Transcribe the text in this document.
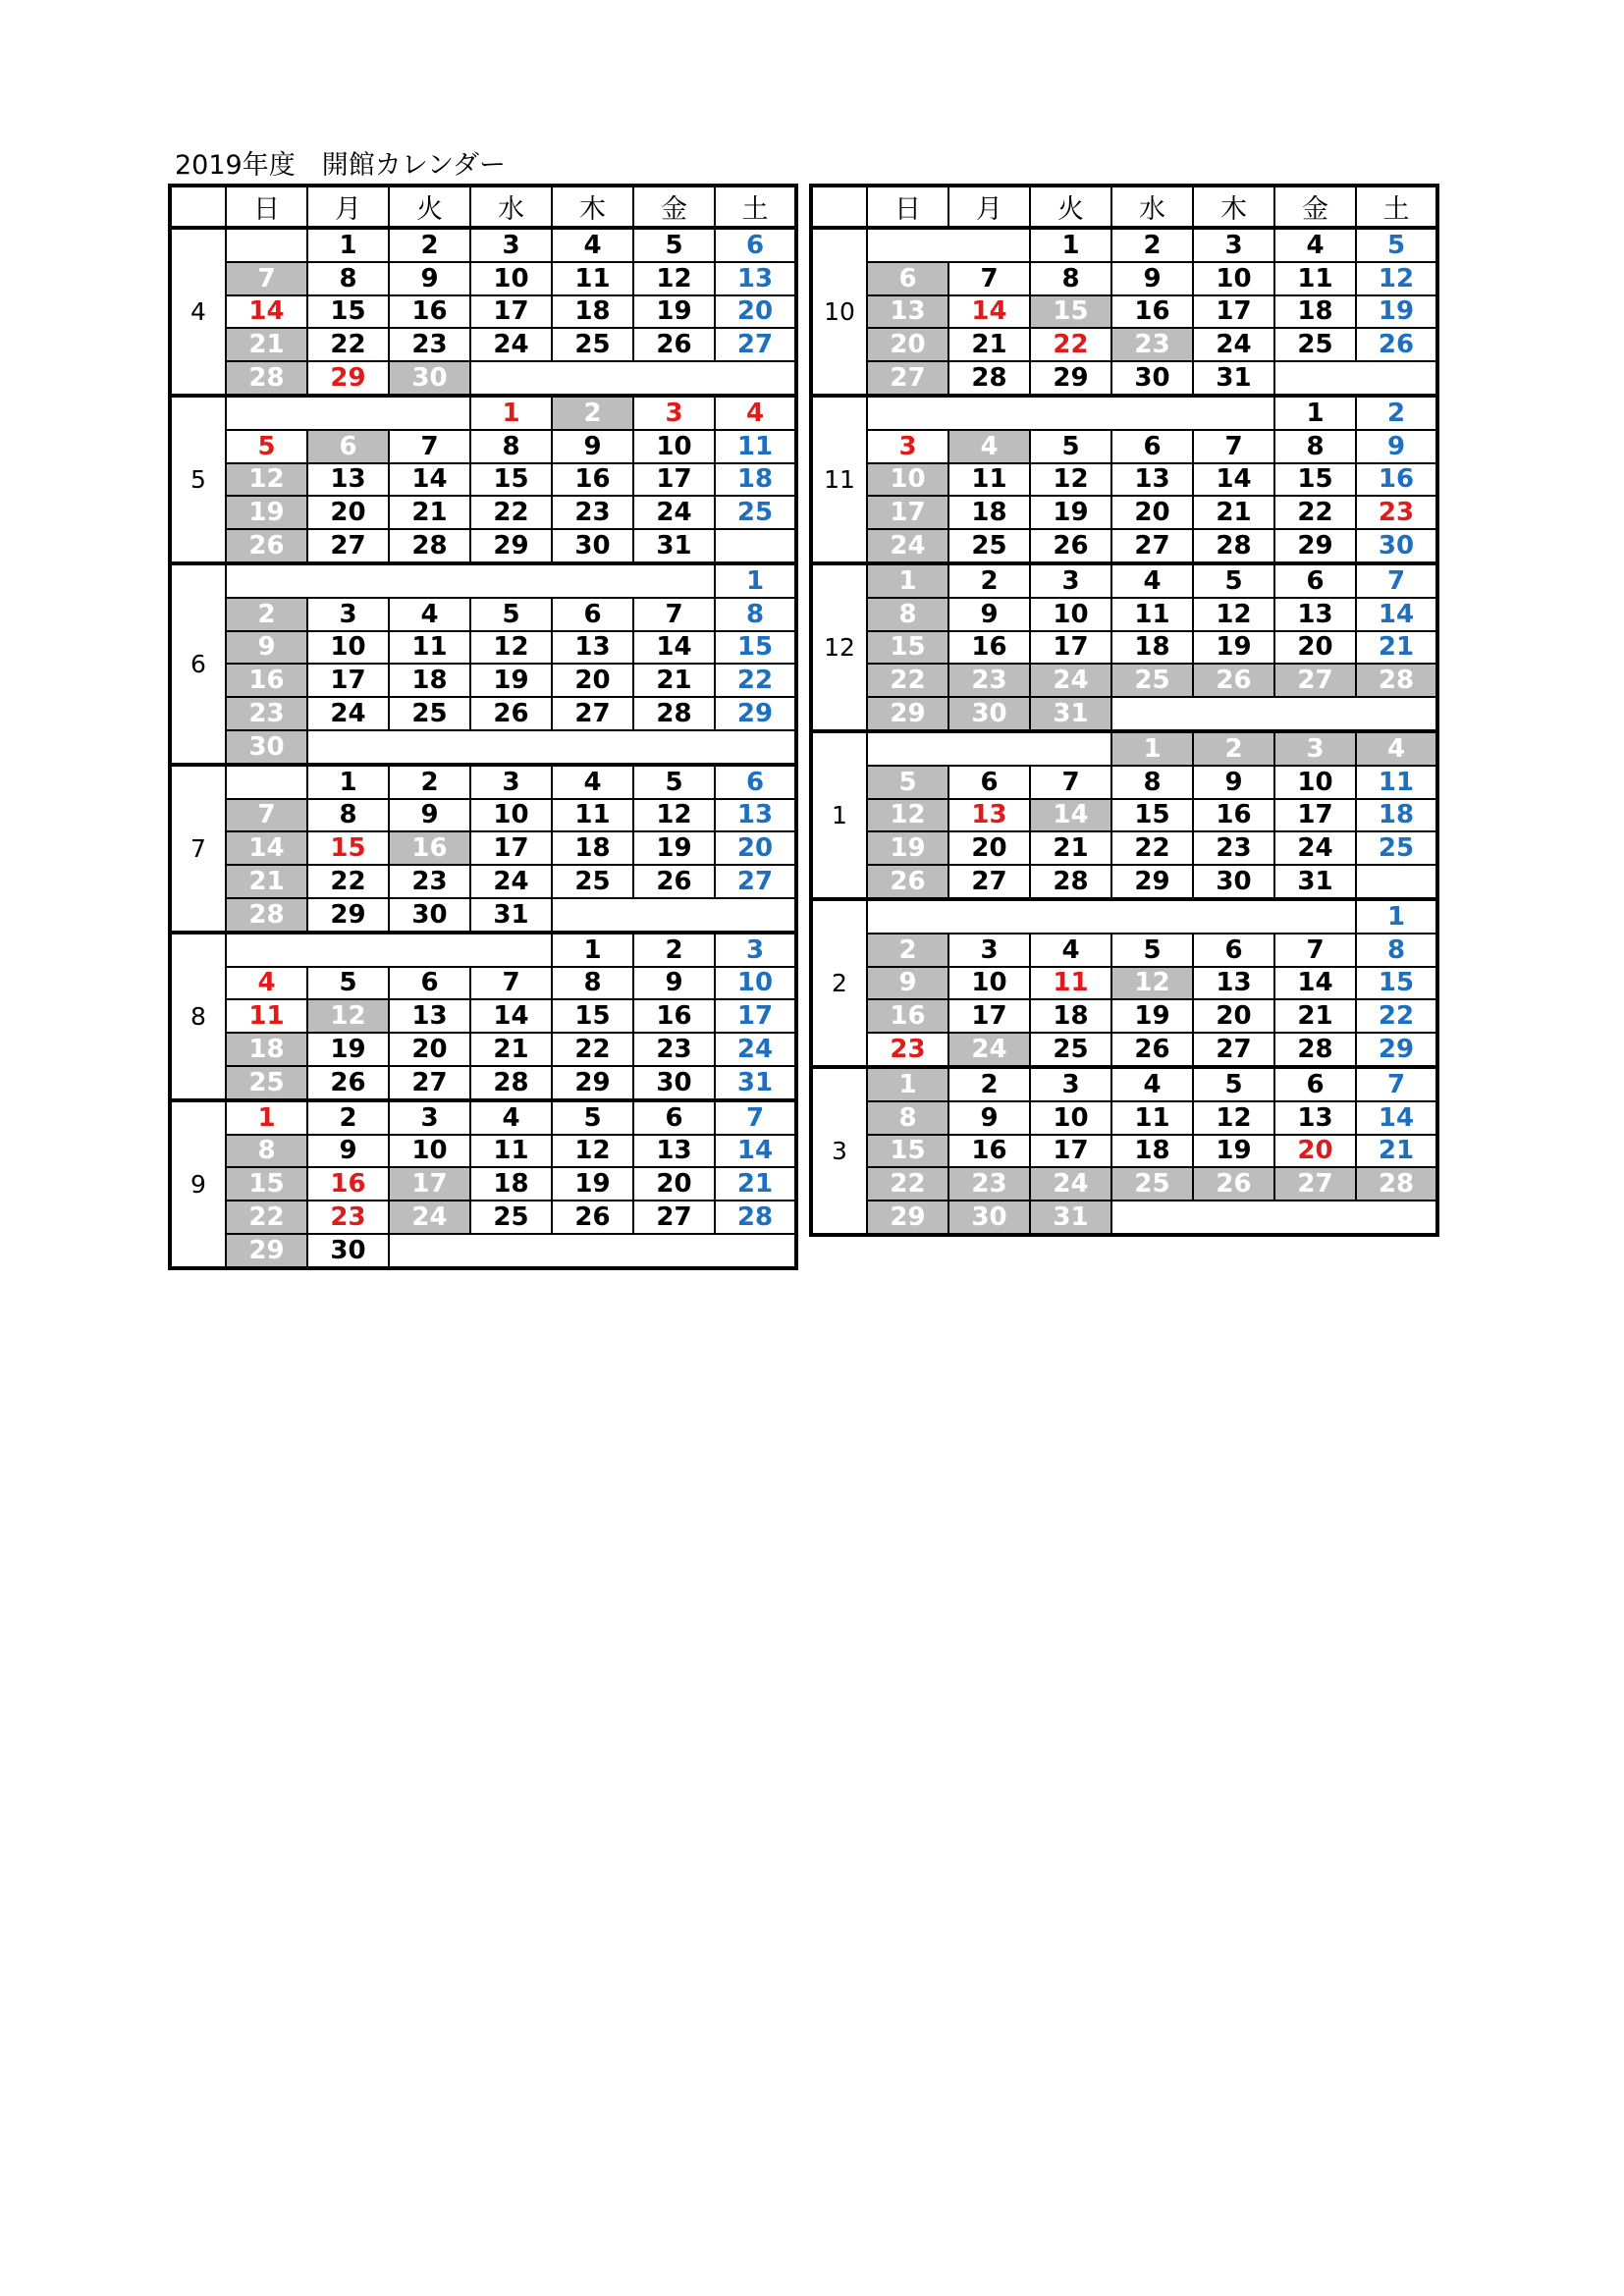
2019年度　開館カレンダー
	日	月	火	水	木	金	土
4		1	2	3	4	5	6
	7	8	9	10	11	12	13
	14	15	16	17	18	19	20
	21	22	23	24	25	26	27
	28	29	30				
5				1	2	3	4
	5	6	7	8	9	10	11
	12	13	14	15	16	17	18
	19	20	21	22	23	24	25
	26	27	28	29	30	31	
6							1
	2	3	4	5	6	7	8
	9	10	11	12	13	14	15
	16	17	18	19	20	21	22
	23	24	25	26	27	28	29
	30						
7		1	2	3	4	5	6
	7	8	9	10	11	12	13
	14	15	16	17	18	19	20
	21	22	23	24	25	26	27
	28	29	30	31			
8					1	2	3
	4	5	6	7	8	9	10
	11	12	13	14	15	16	17
	18	19	20	21	22	23	24
	25	26	27	28	29	30	31
9	1	2	3	4	5	6	7
	8	9	10	11	12	13	14
	15	16	17	18	19	20	21
	22	23	24	25	26	27	28
	29	30					
	日	月	火	水	木	金	土
10			1	2	3	4	5
	6	7	8	9	10	11	12
	13	14	15	16	17	18	19
	20	21	22	23	24	25	26
	27	28	29	30	31		
11						1	2
	3	4	5	6	7	8	9
	10	11	12	13	14	15	16
	17	18	19	20	21	22	23
	24	25	26	27	28	29	30
12	1	2	3	4	5	6	7
	8	9	10	11	12	13	14
	15	16	17	18	19	20	21
	22	23	24	25	26	27	28
	29	30	31				
1				1	2	3	4
	5	6	7	8	9	10	11
	12	13	14	15	16	17	18
	19	20	21	22	23	24	25
	26	27	28	29	30	31	
2							1
	2	3	4	5	6	7	8
	9	10	11	12	13	14	15
	16	17	18	19	20	21	22
	23	24	25	26	27	28	29
3	1	2	3	4	5	6	7
	8	9	10	11	12	13	14
	15	16	17	18	19	20	21
	22	23	24	25	26	27	28
	29	30	31				
